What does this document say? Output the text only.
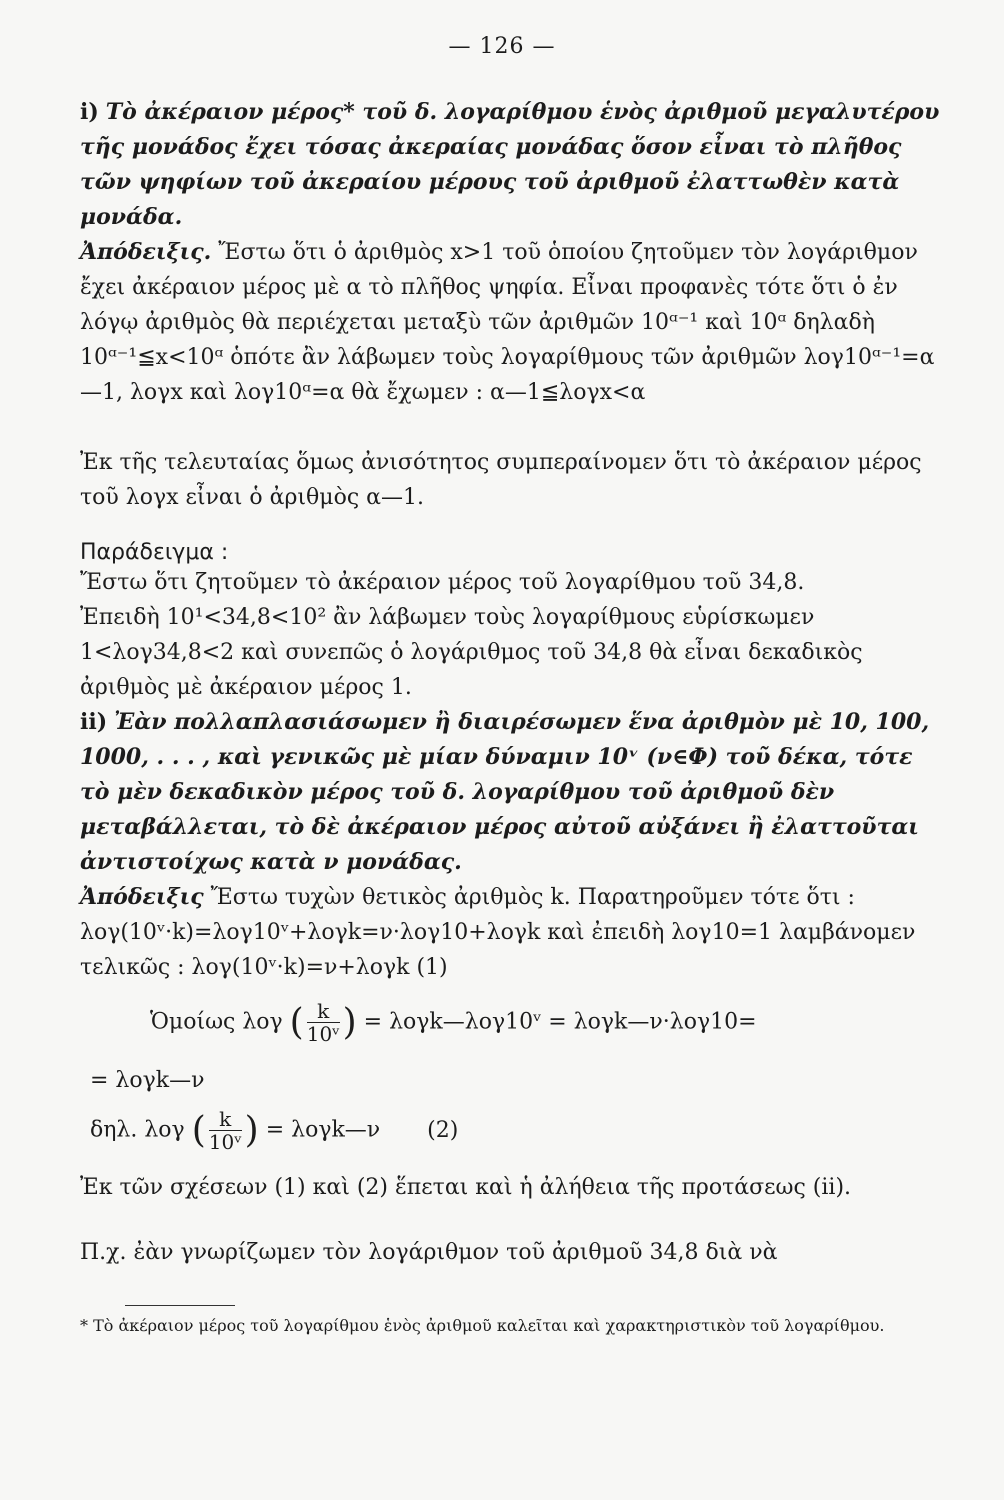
— 126 —
i) Τὸ ἀκέραιον μέρος* τοῦ δ. λογαρίθμου ἑνὸς ἀριθμοῦ μεγαλυτέρου τῆς μονάδος ἔχει τόσας ἀκεραίας μονάδας ὅσον εἶναι τὸ πλῆθος τῶν ψηφίων τοῦ ἀκεραίου μέρους τοῦ ἀριθμοῦ ἐλαττωθὲν κατὰ μονάδα.
Ἀπόδειξις. Ἔστω ὅτι ὁ ἀριθμὸς x>1 τοῦ ὁποίου ζητοῦμεν τὸν λογάριθμον ἔχει ἀκέραιον μέρος μὲ α τὸ πλῆθος ψηφία. Εἶναι προφανὲς τότε ὅτι ὁ ἐν λόγῳ ἀριθμὸς θὰ περιέχεται μεταξὺ τῶν ἀριθμῶν 10ᵅ⁻¹ καὶ 10ᵅ δηλαδὴ 10ᵅ⁻¹≦x<10ᵅ ὁπότε ἂν λάβωμεν τοὺς λογαρίθμους τῶν ἀριθμῶν λογ10ᵅ⁻¹=α—1, λογx καὶ λογ10ᵅ=α θὰ ἔχωμεν : α—1≦λογx<α
Ἐκ τῆς τελευταίας ὅμως ἀνισότητος συμπεραίνομεν ὅτι τὸ ἀκέραιον μέρος τοῦ λογx εἶναι ὁ ἀριθμὸς α—1.
Παράδειγμα :
Ἔστω ὅτι ζητοῦμεν τὸ ἀκέραιον μέρος τοῦ λογαρίθμου τοῦ 34,8.
Ἐπειδὴ 10¹<34,8<10² ἂν λάβωμεν τοὺς λογαρίθμους εὑρίσκωμεν 1<λογ34,8<2 καὶ συνεπῶς ὁ λογάριθμος τοῦ 34,8 θὰ εἶναι δεκαδικὸς ἀριθμὸς μὲ ἀκέραιον μέρος 1.
ii) Ἐὰν πολλαπλασιάσωμεν ἢ διαιρέσωμεν ἕνα ἀριθμὸν μὲ 10, 100, 1000, . . . , καὶ γενικῶς μὲ μίαν δύναμιν 10ᵛ (ν∈Φ) τοῦ δέκα, τότε τὸ μὲν δεκαδικὸν μέρος τοῦ δ. λογαρίθμου τοῦ ἀριθμοῦ δὲν μεταβάλλεται, τὸ δὲ ἀκέραιον μέρος αὐτοῦ αὐξάνει ἢ ἐλαττοῦται ἀντιστοίχως κατὰ ν μονάδας.
Ἀπόδειξις Ἔστω τυχὼν θετικὸς ἀριθμὸς k. Παρατηροῦμεν τότε ὅτι : λογ(10ᵛ·k)=λογ10ᵛ+λογk=ν·λογ10+λογk καὶ ἐπειδὴ λογ10=1 λαμβάνομεν τελικῶς : λογ(10ᵛ·k)=ν+λογk (1)
Ὁμοίως λογ ( $\frac{k}{\text{10ᵛ}}$ ) = λογk—λογ10ᵛ = λογk—ν·λογ10=
= λογk—ν
δηλ. λογ ( $\frac{k}{\text{10ᵛ}}$ ) = λογk—ν (2)
Ἐκ τῶν σχέσεων (1) καὶ (2) ἕπεται καὶ ἡ ἀλήθεια τῆς προτάσεως (ii).
Π.χ. ἐὰν γνωρίζωμεν τὸν λογάριθμον τοῦ ἀριθμοῦ 34,8 διὰ νὰ
* Τὸ ἀκέραιον μέρος τοῦ λογαρίθμου ἑνὸς ἀριθμοῦ καλεῖται καὶ χαρακτηριστικὸν τοῦ λογαρίθμου.
